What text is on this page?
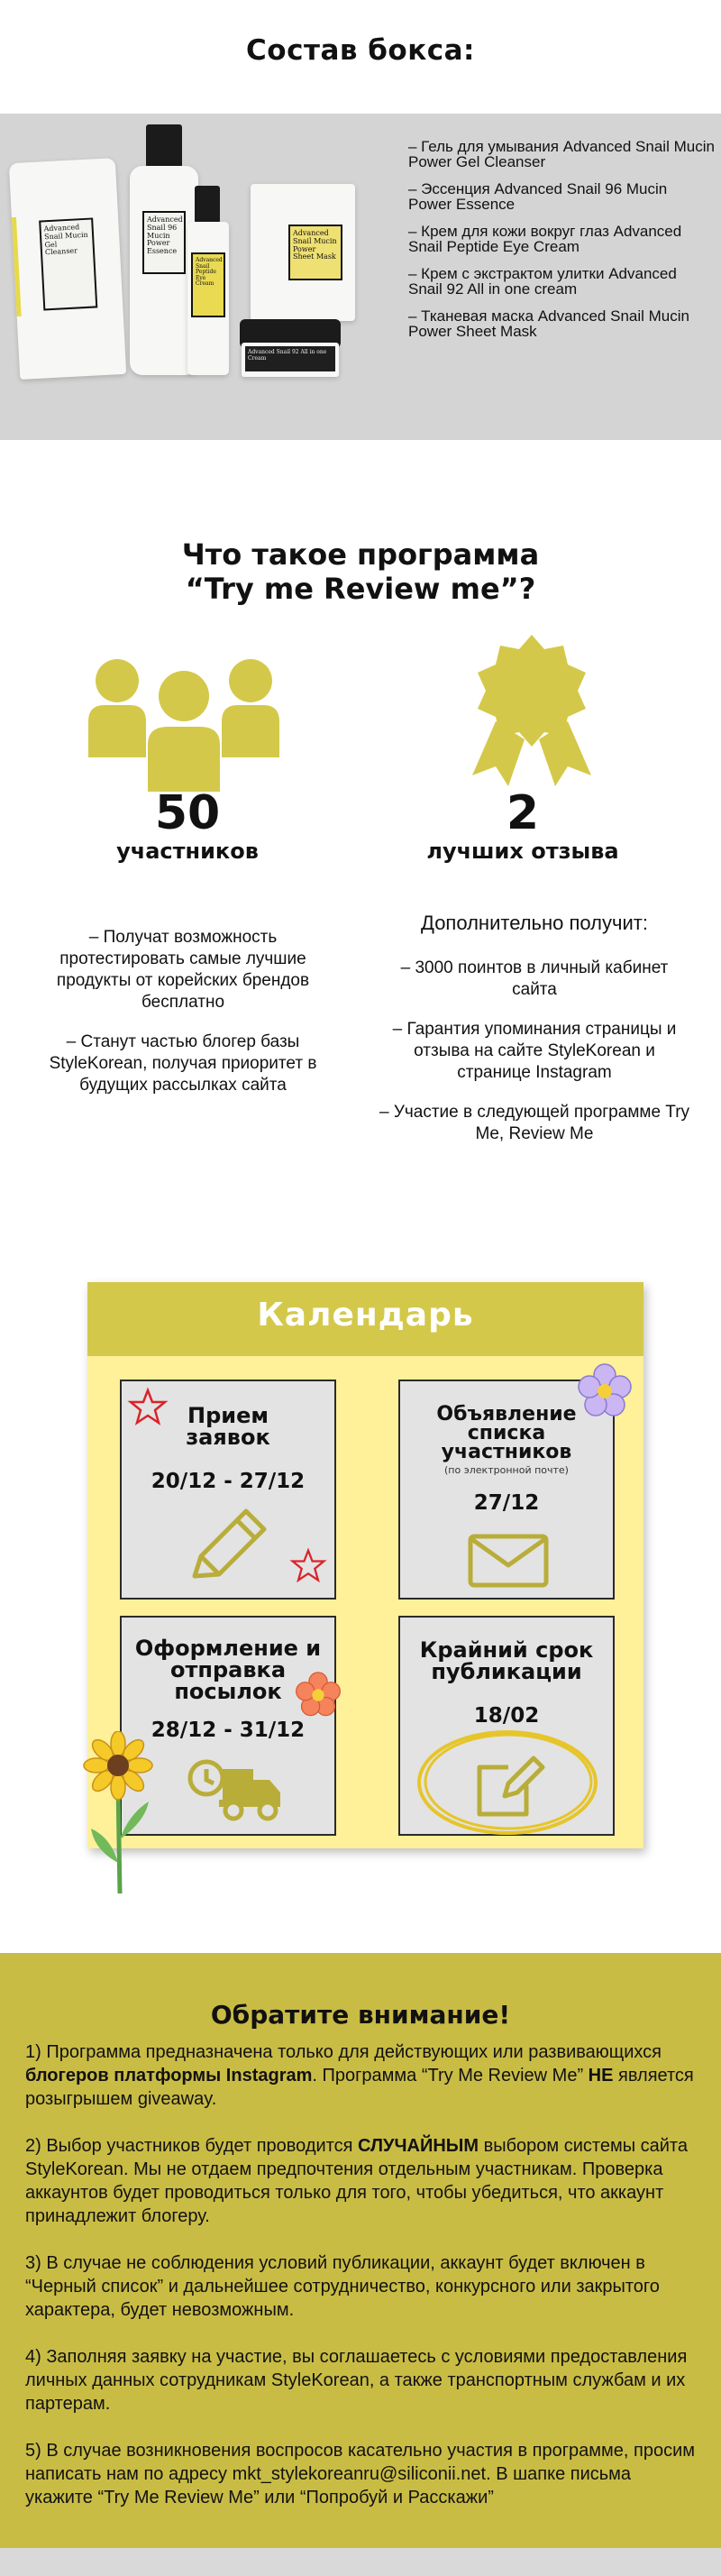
Состав бокса:
Advanced Snail Mucin Gel Cleanser
Advanced Snail 96 Mucin Power Essence
Advanced Snail Peptide Eye Cream
Advanced Snail Mucin Power Sheet Mask
Advanced Snail 92 All in one Cream
– Гель для умывания Advanced Snail Mucin Power Gel Cleanser
– Эссенция Advanced Snail 96 Mucin Power Essence
– Крем для кожи вокруг глаз Advanced Snail Peptide Eye Cream
– Крем с экстрактом улитки Advanced Snail 92 All in one cream
– Тканевая маска Advanced Snail Mucin Power Sheet Mask
Что такое программа
“Try me Review me”?
50
участников
2
лучших отзыва

– Получат возможность протестировать самые лучшие продукты от корейских брендов бесплатно

– Станут частью блогер базы StyleKorean, получая приоритет в будущих рассылках сайта

Дополнительно получит:

– 3000 поинтов в личный кабинет сайта

– Гарантия упоминания страницы и отзыва на сайте StyleKorean и странице Instagram

– Участие в следующей программе Try Me, Review Me

Календарь
Прием заявок
20/12 - 27/12
Объявление списка участников
(по электронной почте)
27/12
Оформление и отправка посылок
28/12 - 31/12
Крайний срок публикации
18/02
Обратите внимание!
1) Программа предназначена только для действующих или развивающихся блогеров платформы Instagram. Программа “Try Me Review Me” НЕ является розыгрышем giveaway.
2) Выбор участников будет проводится СЛУЧАЙНЫМ выбором системы сайта StyleKorean. Мы не отдаем предпочтения отдельным участникам. Проверка аккаунтов будет проводиться только для того, чтобы убедиться, что аккаунт принадлежит блогеру.
3) В случае не соблюдения условий публикации, аккаунт будет включен в “Черный список” и дальнейшее сотрудничество, конкурсного или закрытого характера, будет невозможным.
4) Заполняя заявку на участие, вы соглашаетесь с условиями предоставления личных данных сотрудникам StyleKorean, а также транспортным службам и их партерам.
5) В случае возникновения воспросов касательно участия в программе, просим написать нам по адресу mkt_stylekoreanru@siliconii.net. В шапке письма укажите “Try Me Review Me” или “Попробуй и Расскажи”
